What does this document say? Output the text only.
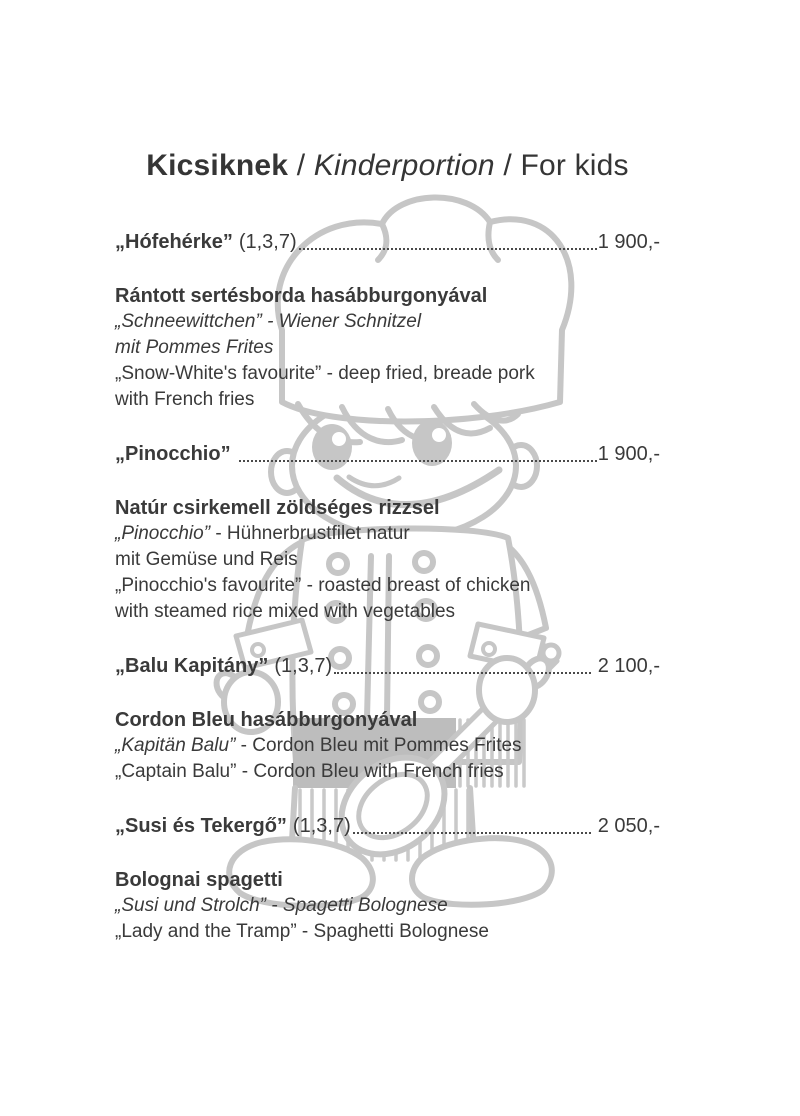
Kicsiknek / Kinderportion / For kids
„Hófehérke” (1,3,7)	1 900,-
Rántott sertésborda hasábburgonyával
„Schneewittchen” - Wiener Schnitzel
mit Pommes Frites
„Snow-White's favourite” - deep fried, breade pork
with French fries
„Pinocchio”	1 900,-
Natúr csirkemell zöldséges rizzsel
„Pinocchio” - Hühnerbrustfilet natur
mit Gemüse und Reis
„Pinocchio's favourite” - roasted breast of chicken
with steamed rice mixed with vegetables
„Balu Kapitány” (1,3,7)	2 100,-
Cordon Bleu hasábburgonyával
„Kapitän Balu” - Cordon Bleu mit Pommes Frites
„Captain Balu” - Cordon Bleu with French fries
„Susi és Tekergő” (1,3,7)	2 050,-
Bolognai spagetti
„Susi und Strolch” - Spagetti Bolognese
„Lady and the Tramp” - Spaghetti Bolognese
